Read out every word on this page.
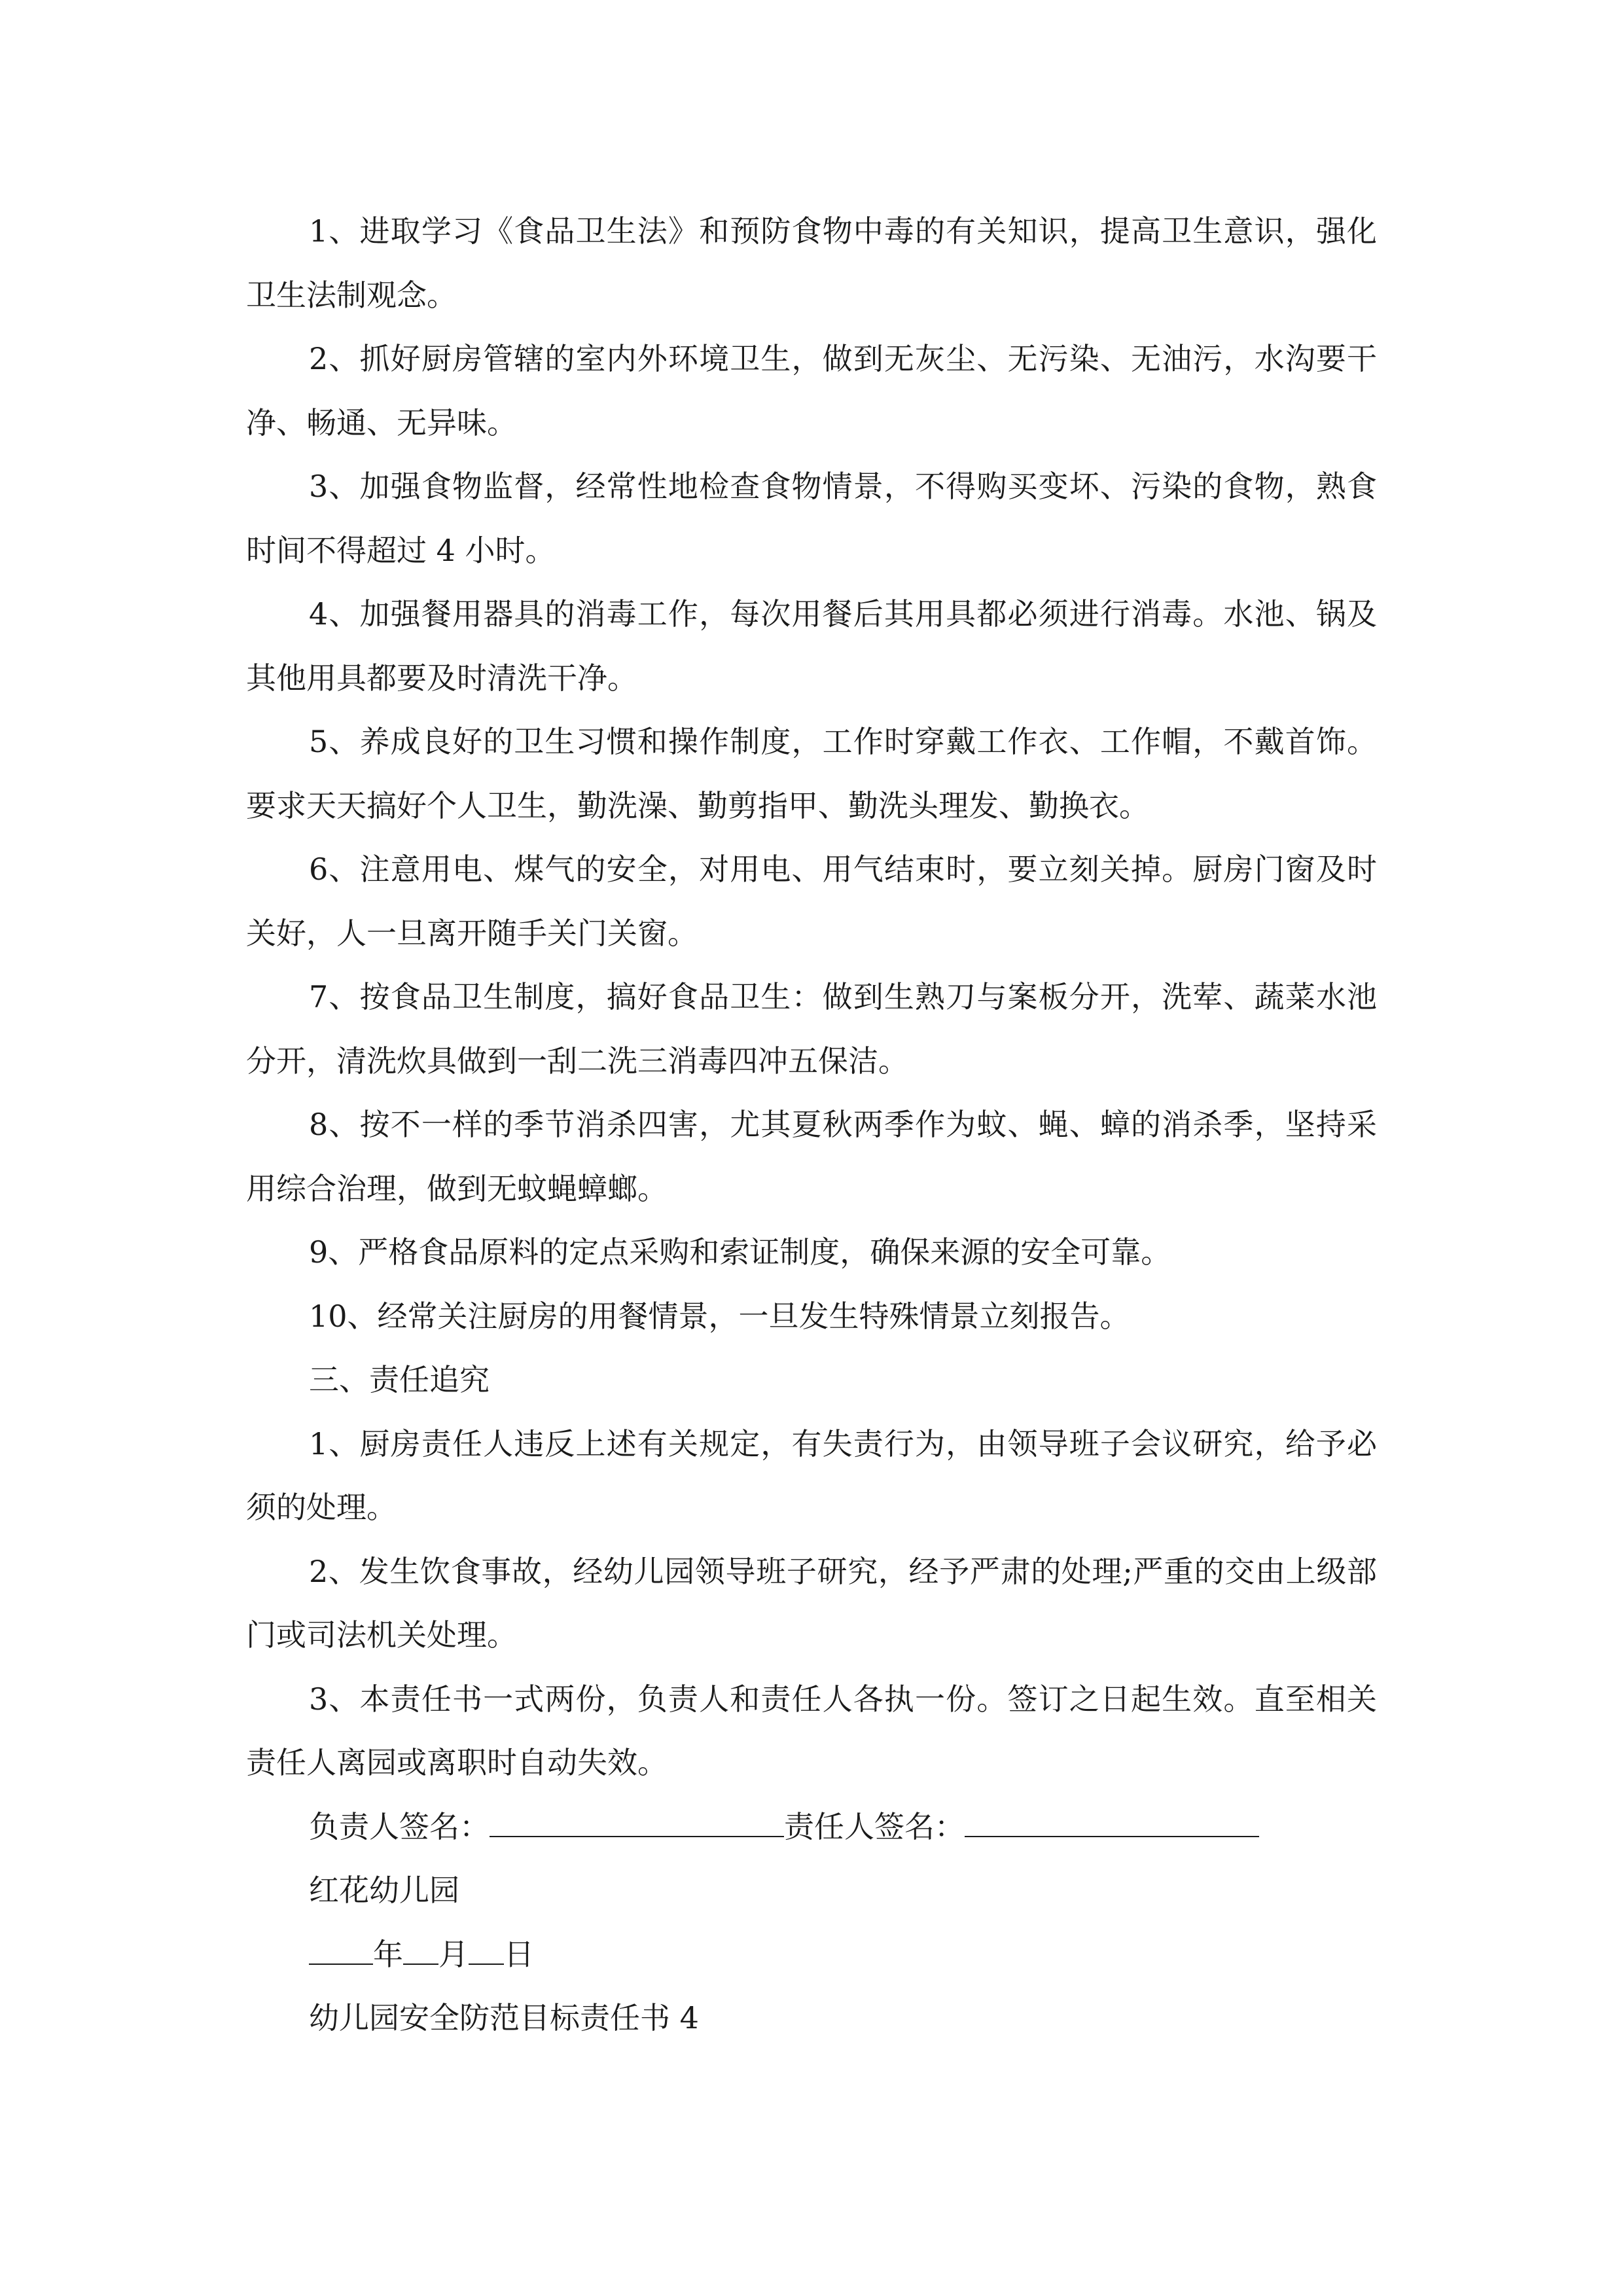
1、进取学习《食品卫生法》和预防食物中毒的有关知识，提高卫生意识，强化卫生法制观念。

2、抓好厨房管辖的室内外环境卫生，做到无灰尘、无污染、无油污，水沟要干净、畅通、无异味。

3、加强食物监督，经常性地检查食物情景，不得购买变坏、污染的食物，熟食时间不得超过 4 小时。

4、加强餐用器具的消毒工作，每次用餐后其用具都必须进行消毒。水池、锅及其他用具都要及时清洗干净。

5、养成良好的卫生习惯和操作制度，工作时穿戴工作衣、工作帽，不戴首饰。要求天天搞好个人卫生，勤洗澡、勤剪指甲、勤洗头理发、勤换衣。

6、注意用电、煤气的安全，对用电、用气结束时，要立刻关掉。厨房门窗及时关好，人一旦离开随手关门关窗。

7、按食品卫生制度，搞好食品卫生：做到生熟刀与案板分开，洗荤、蔬菜水池分开，清洗炊具做到一刮二洗三消毒四冲五保洁。

8、按不一样的季节消杀四害，尤其夏秋两季作为蚊、蝇、蟑的消杀季，坚持采用综合治理，做到无蚊蝇蟑螂。

9、严格食品原料的定点采购和索证制度，确保来源的安全可靠。

10、经常关注厨房的用餐情景，一旦发生特殊情景立刻报告。

三、责任追究

1、厨房责任人违反上述有关规定，有失责行为，由领导班子会议研究，给予必须的处理。

2、发生饮食事故，经幼儿园领导班子研究，经予严肃的处理;严重的交由上级部门或司法机关处理。

3、本责任书一式两份，负责人和责任人各执一份。签订之日起生效。直至相关责任人离园或离职时自动失效。

负责人签名：	责任人签名：

红花幼儿园

年 月 日

幼儿园安全防范目标责任书 4
